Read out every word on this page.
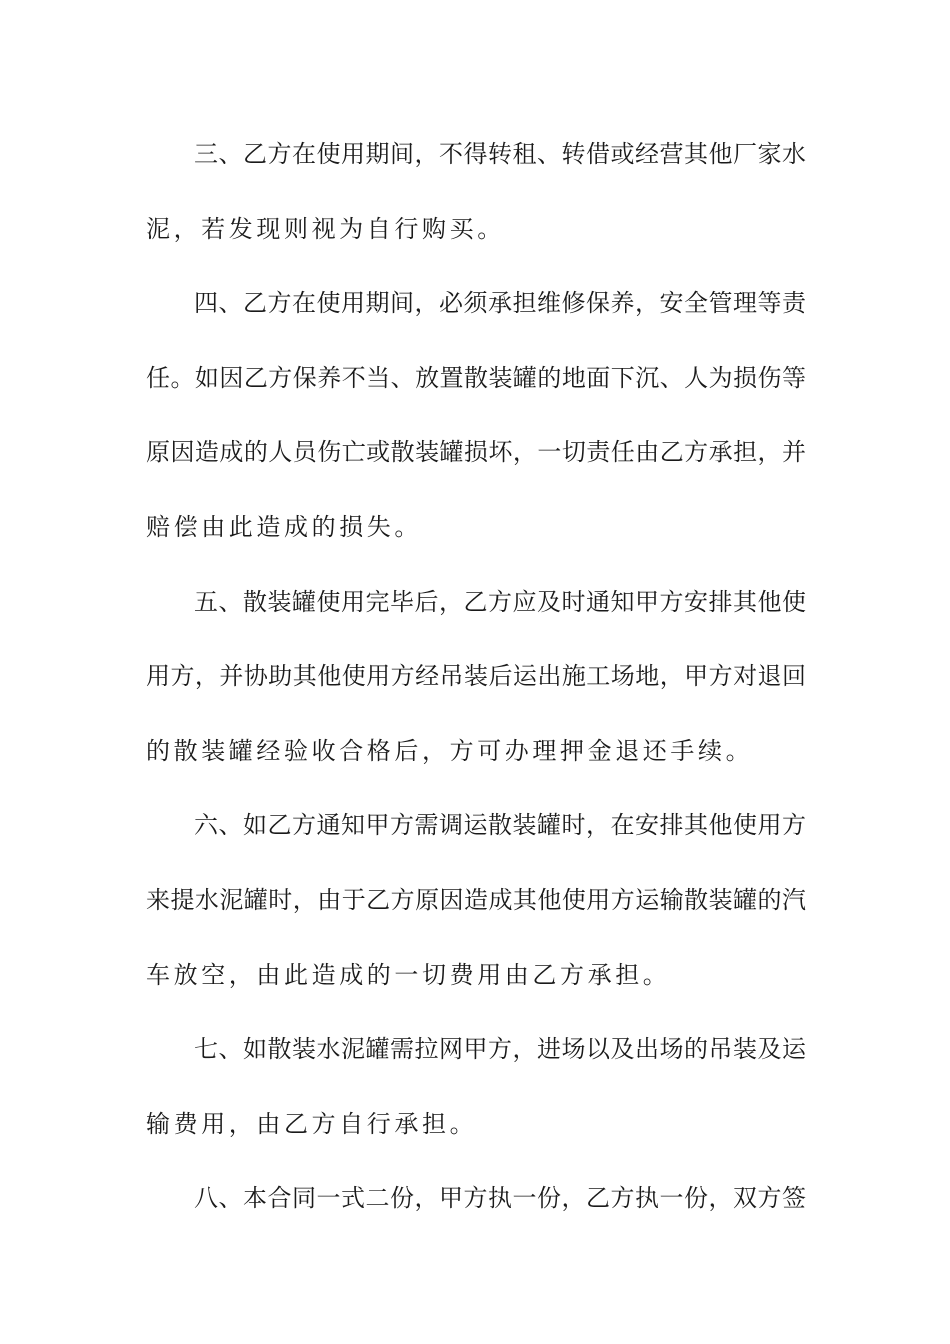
三、乙方在使用期间，不得转租、转借或经营其他厂家水
泥，若发现则视为自行购买。
四、乙方在使用期间，必须承担维修保养，安全管理等责
任。如因乙方保养不当、放置散装罐的地面下沉、人为损伤等
原因造成的人员伤亡或散装罐损坏，一切责任由乙方承担，并
赔偿由此造成的损失。
五、散装罐使用完毕后，乙方应及时通知甲方安排其他使
用方，并协助其他使用方经吊装后运出施工场地，甲方对退回
的散装罐经验收合格后，方可办理押金退还手续。
六、如乙方通知甲方需调运散装罐时，在安排其他使用方
来提水泥罐时，由于乙方原因造成其他使用方运输散装罐的汽
车放空，由此造成的一切费用由乙方承担。
七、如散装水泥罐需拉网甲方，进场以及出场的吊装及运
输费用，由乙方自行承担。
八、本合同一式二份，甲方执一份，乙方执一份，双方签
